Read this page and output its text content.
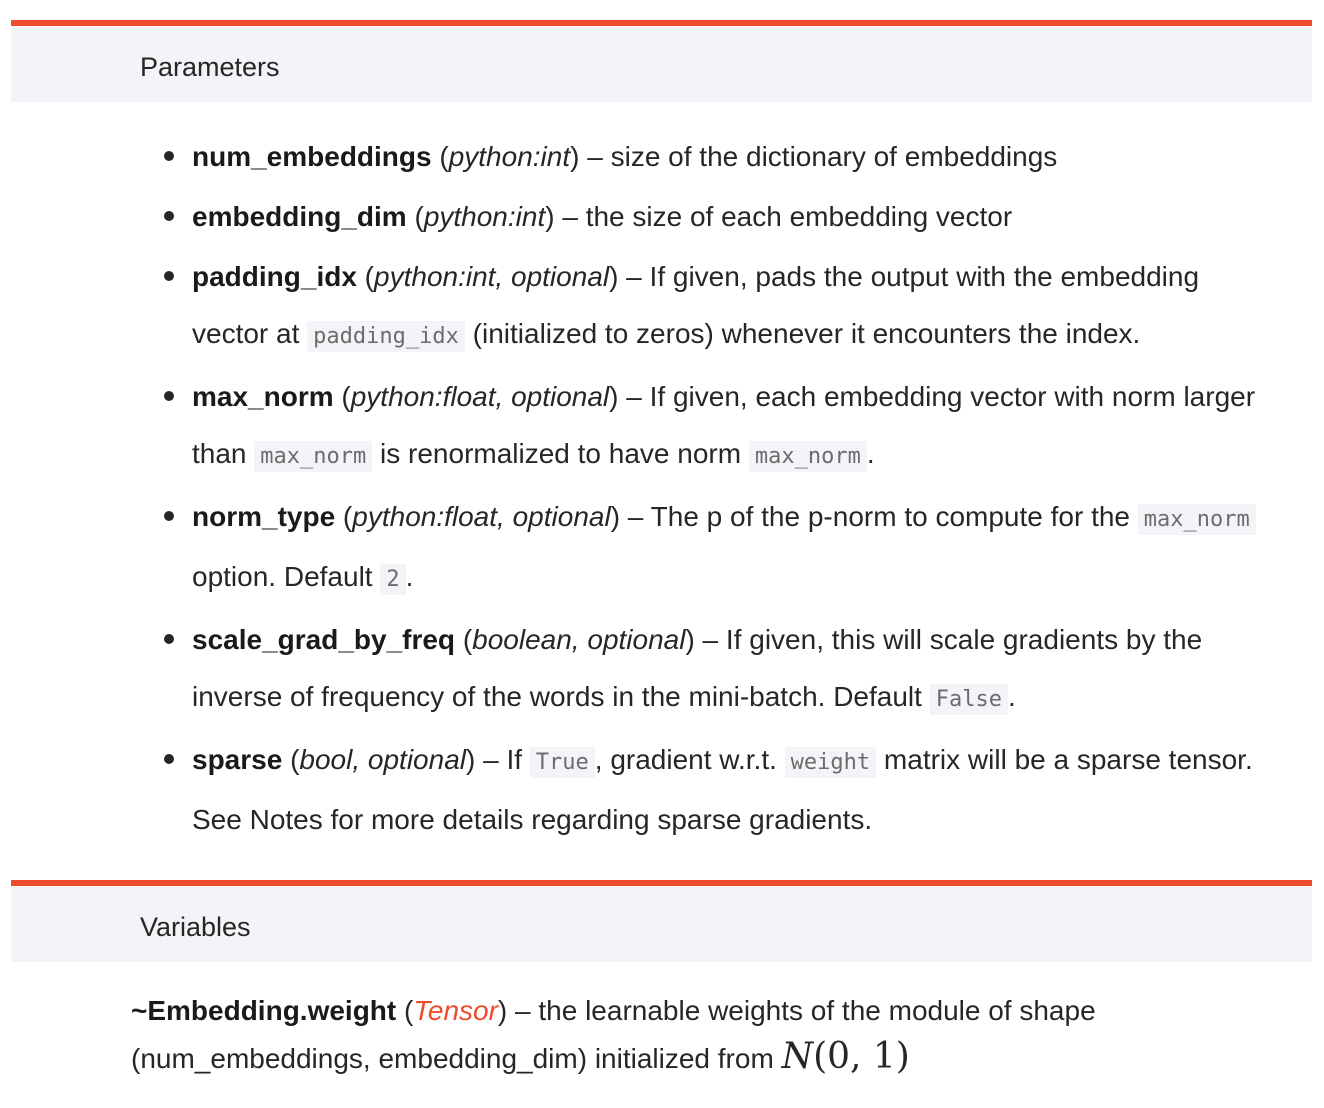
Parameters
num_embeddings (python:int) – size of the dictionary of embeddings
embedding_dim (python:int) – the size of each embedding vector
padding_idx (python:int, optional) – If given, pads the output with the embedding vector at padding_idx (initialized to zeros) whenever it encounters the index.
max_norm (python:float, optional) – If given, each embedding vector with norm larger than max_norm is renormalized to have norm max_norm .
norm_type (python:float, optional) – The p of the p-norm to compute for the max_norm option. Default 2 .
scale_grad_by_freq (boolean, optional) – If given, this will scale gradients by the inverse of frequency of the words in the mini-batch. Default False .
sparse (bool, optional) – If True , gradient w.r.t. weight matrix will be a sparse tensor. See Notes for more details regarding sparse gradients.
Variables
~Embedding.weight (Tensor) – the learnable weights of the module of shape (num_embeddings, embedding_dim) initialized from N(0, 1)
